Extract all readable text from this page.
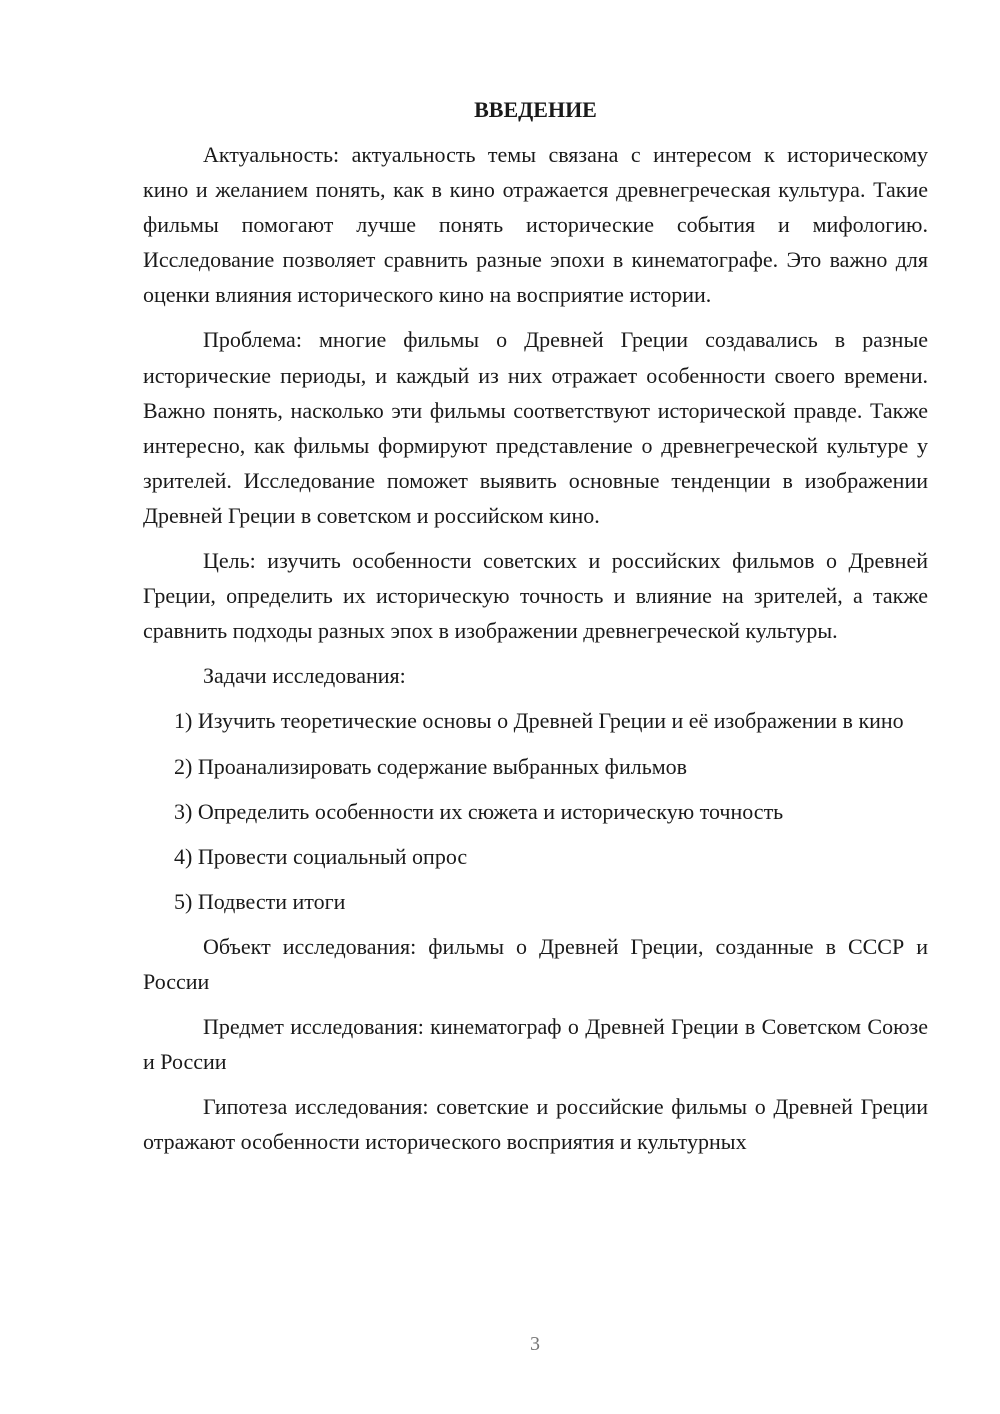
ВВЕДЕНИЕ

Актуальность: актуальность темы связана с интересом к историческому кино и желанием понять, как в кино отражается древнегреческая культура. Такие фильмы помогают лучше понять исторические события и мифологию. Исследование позволяет сравнить разные эпохи в кинематографе. Это важно для оценки влияния исторического кино на восприятие истории.

Проблема: многие фильмы о Древней Греции создавались в разные исторические периоды, и каждый из них отражает особенности своего времени. Важно понять, насколько эти фильмы соответствуют исторической правде. Также интересно, как фильмы формируют представление о древнегреческой культуре у зрителей. Исследование поможет выявить основные тенденции в изображении Древней Греции в советском и российском кино.

Цель: изучить особенности советских и российских фильмов о Древней Греции, определить их историческую точность и влияние на зрителей, а также сравнить подходы разных эпох в изображении древнегреческой культуры.

Задачи исследования:

1) Изучить теоретические основы о Древней Греции и её изображении в кино

2) Проанализировать содержание выбранных фильмов

3) Определить особенности их сюжета и историческую точность

4) Провести социальный опрос

5) Подвести итоги

Объект исследования: фильмы о Древней Греции, созданные в СССР и России

Предмет исследования: кинематограф о Древней Греции в Советском Союзе и России

Гипотеза исследования: советские и российские фильмы о Древней Греции отражают особенности исторического восприятия и культурных

3
